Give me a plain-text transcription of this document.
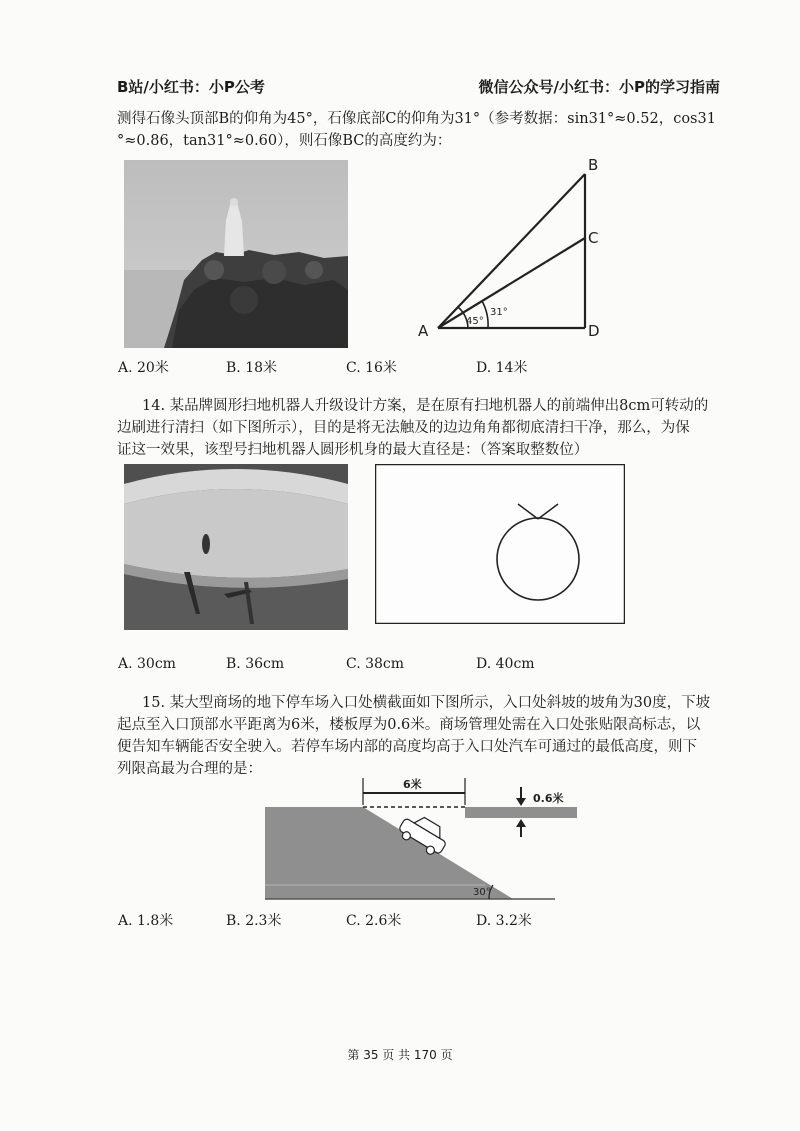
B站/小红书：小P公考	微信公众号/小红书：小P的学习指南
测得石像头顶部B的仰角为45°，石像底部C的仰角为31°（参考数据：sin31°≈0.52，cos31
°≈0.86，tan31°≈0.60），则石像BC的高度约为：
B
C
A	D
45°
31°
A. 20米	B. 18米	C. 16米	D. 14米
14. 某品牌圆形扫地机器人升级设计方案，是在原有扫地机器人的前端伸出8cm可转动的
边刷进行清扫（如下图所示），目的是将无法触及的边边角角都彻底清扫干净，那么，为保
证这一效果，该型号扫地机器人圆形机身的最大直径是：（答案取整数位）
A. 30cm	B. 36cm	C. 38cm	D. 40cm
15. 某大型商场的地下停车场入口处横截面如下图所示，入口处斜坡的坡角为30度，下坡
起点至入口顶部水平距离为6米，楼板厚为0.6米。商场管理处需在入口处张贴限高标志，以
便告知车辆能否安全驶入。若停车场内部的高度均高于入口处汽车可通过的最低高度，则下
列限高最为合理的是：
6米
0.6米
30°
A. 1.8米	B. 2.3米	C. 2.6米	D. 3.2米
第 35 页 共 170 页
